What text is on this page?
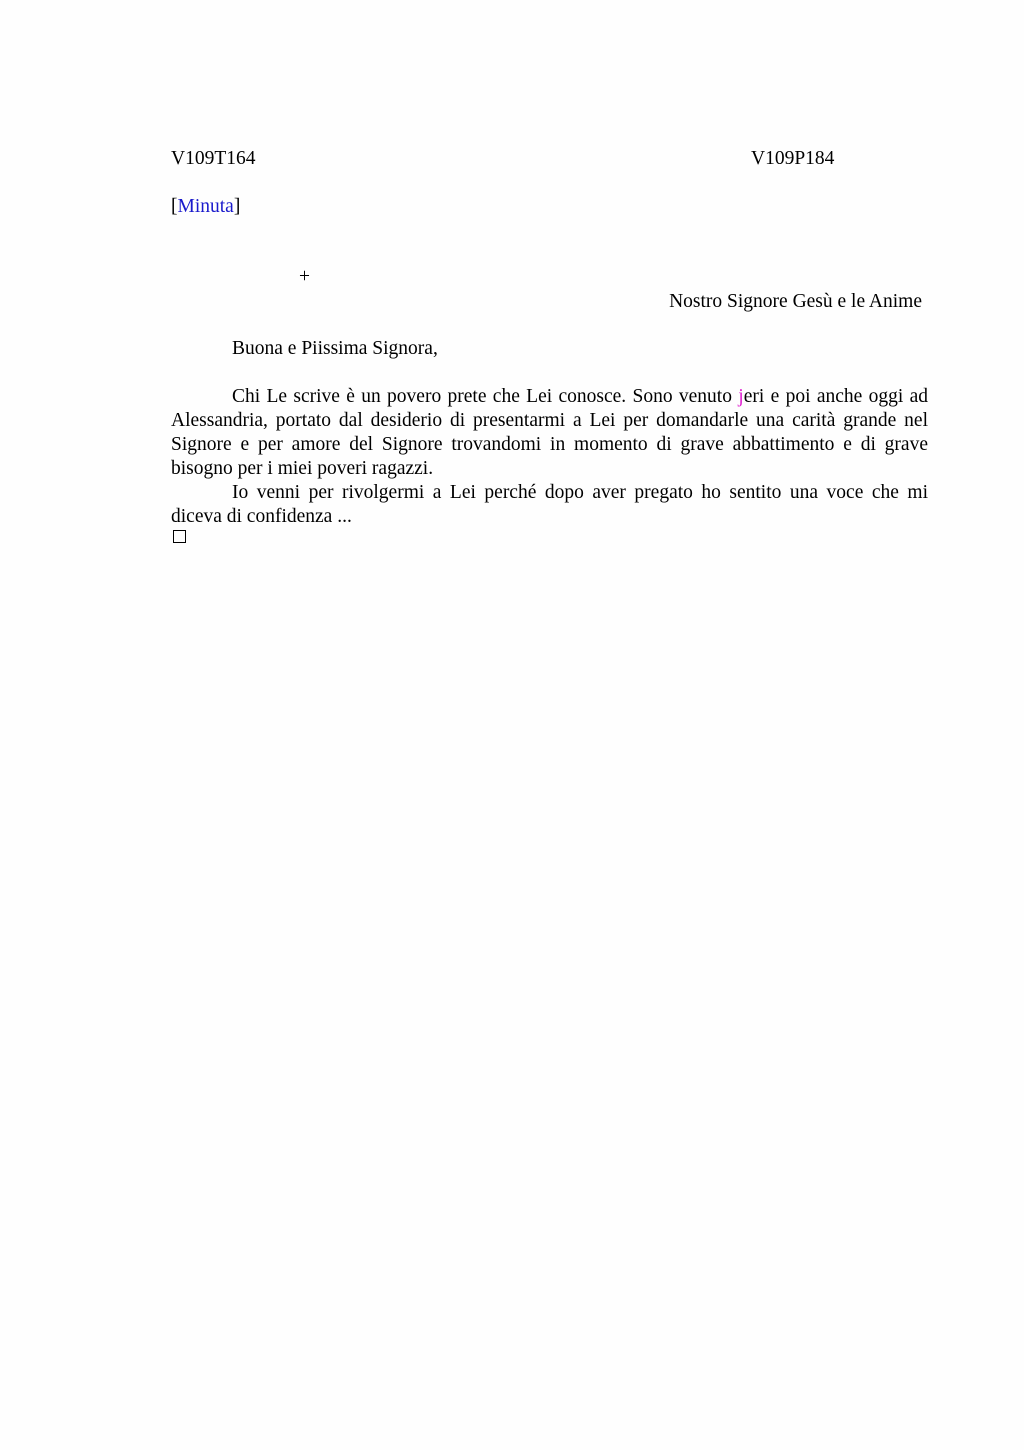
V109T164	V109P184
[Minuta]
+
Nostro Signore Gesù e le Anime
Buona e Piissima Signora,

Chi Le scrive è un povero prete che Lei conosce. Sono venuto jeri e poi anche oggi ad Alessandria, portato dal desiderio di presentarmi a Lei per domandarle una carità grande nel Signore e per amore del Signore trovandomi in momento di grave abbattimento e di grave bisogno per i miei poveri ragazzi.

Io venni per rivolgermi a Lei perché dopo aver pregato ho sentito una voce che mi diceva di confidenza ...
